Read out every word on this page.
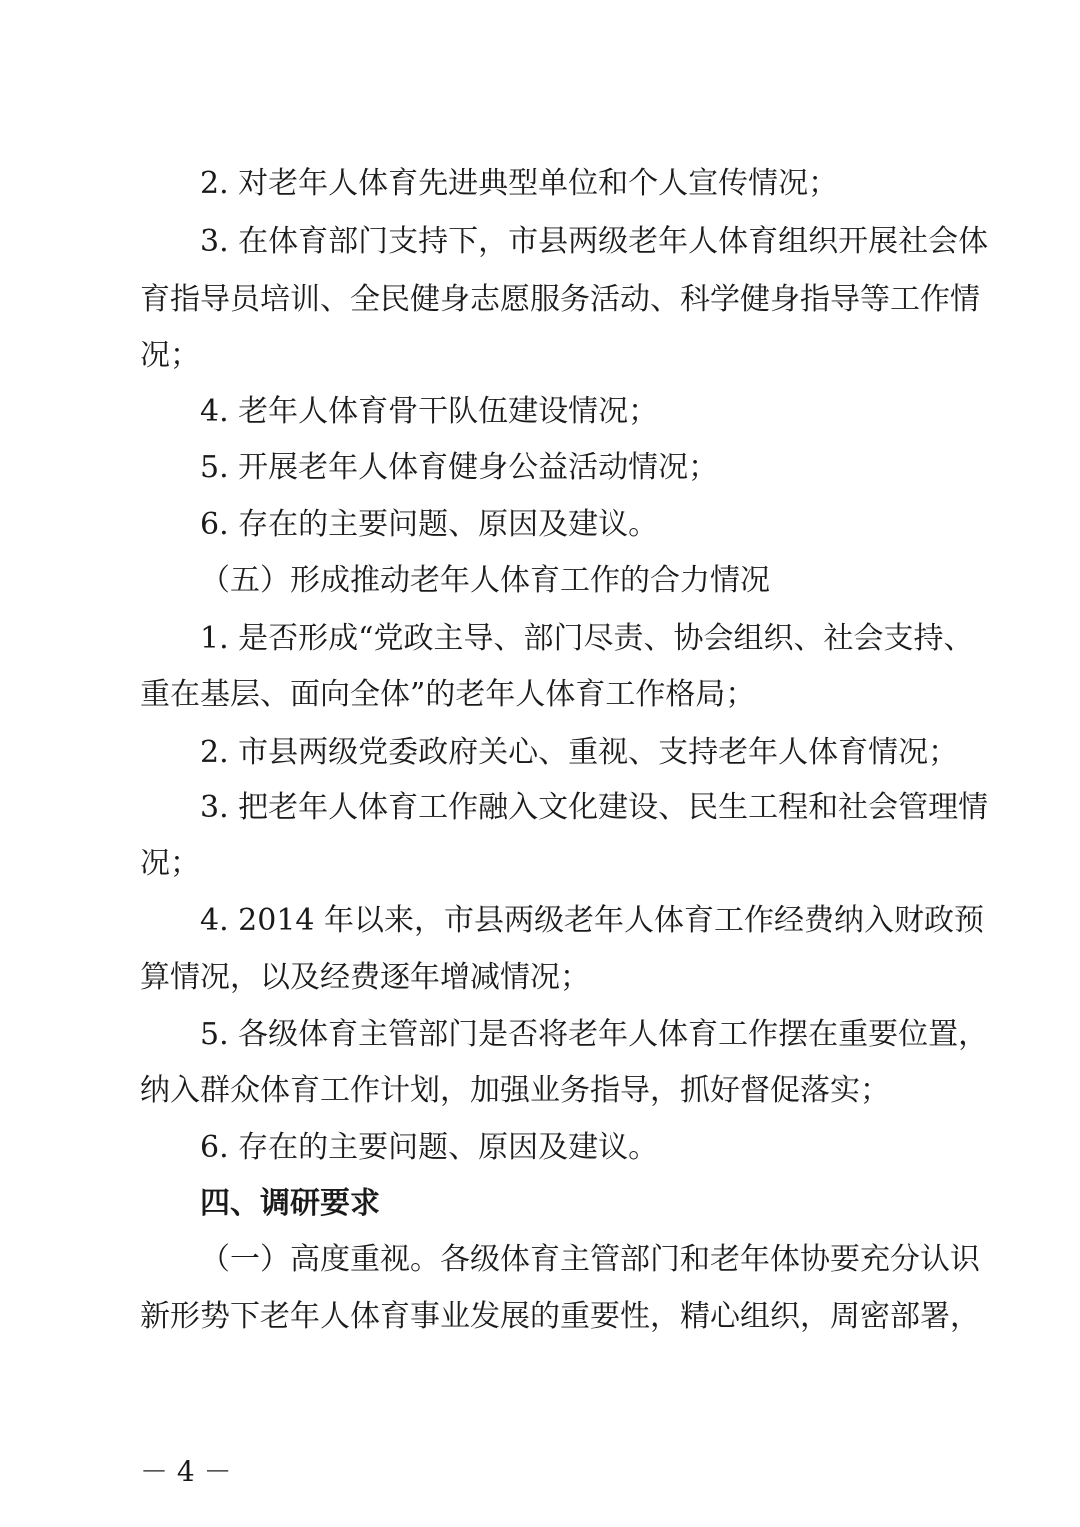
2. 对老年人体育先进典型单位和个人宣传情况；
3. 在体育部门支持下，市县两级老年人体育组织开展社会体
育指导员培训、全民健身志愿服务活动、科学健身指导等工作情
况；
4. 老年人体育骨干队伍建设情况；
5. 开展老年人体育健身公益活动情况；
6. 存在的主要问题、原因及建议。
（五）形成推动老年人体育工作的合力情况
1. 是否形成“党政主导、部门尽责、协会组织、社会支持、
重在基层、面向全体”的老年人体育工作格局；
2. 市县两级党委政府关心、重视、支持老年人体育情况；
3. 把老年人体育工作融入文化建设、民生工程和社会管理情
况；
4. 2014 年以来，市县两级老年人体育工作经费纳入财政预
算情况，以及经费逐年增减情况；
5. 各级体育主管部门是否将老年人体育工作摆在重要位置，
纳入群众体育工作计划，加强业务指导，抓好督促落实；
6. 存在的主要问题、原因及建议。
四、调研要求
（一）高度重视。各级体育主管部门和老年体协要充分认识
新形势下老年人体育事业发展的重要性，精心组织，周密部署，
－ 4 －
